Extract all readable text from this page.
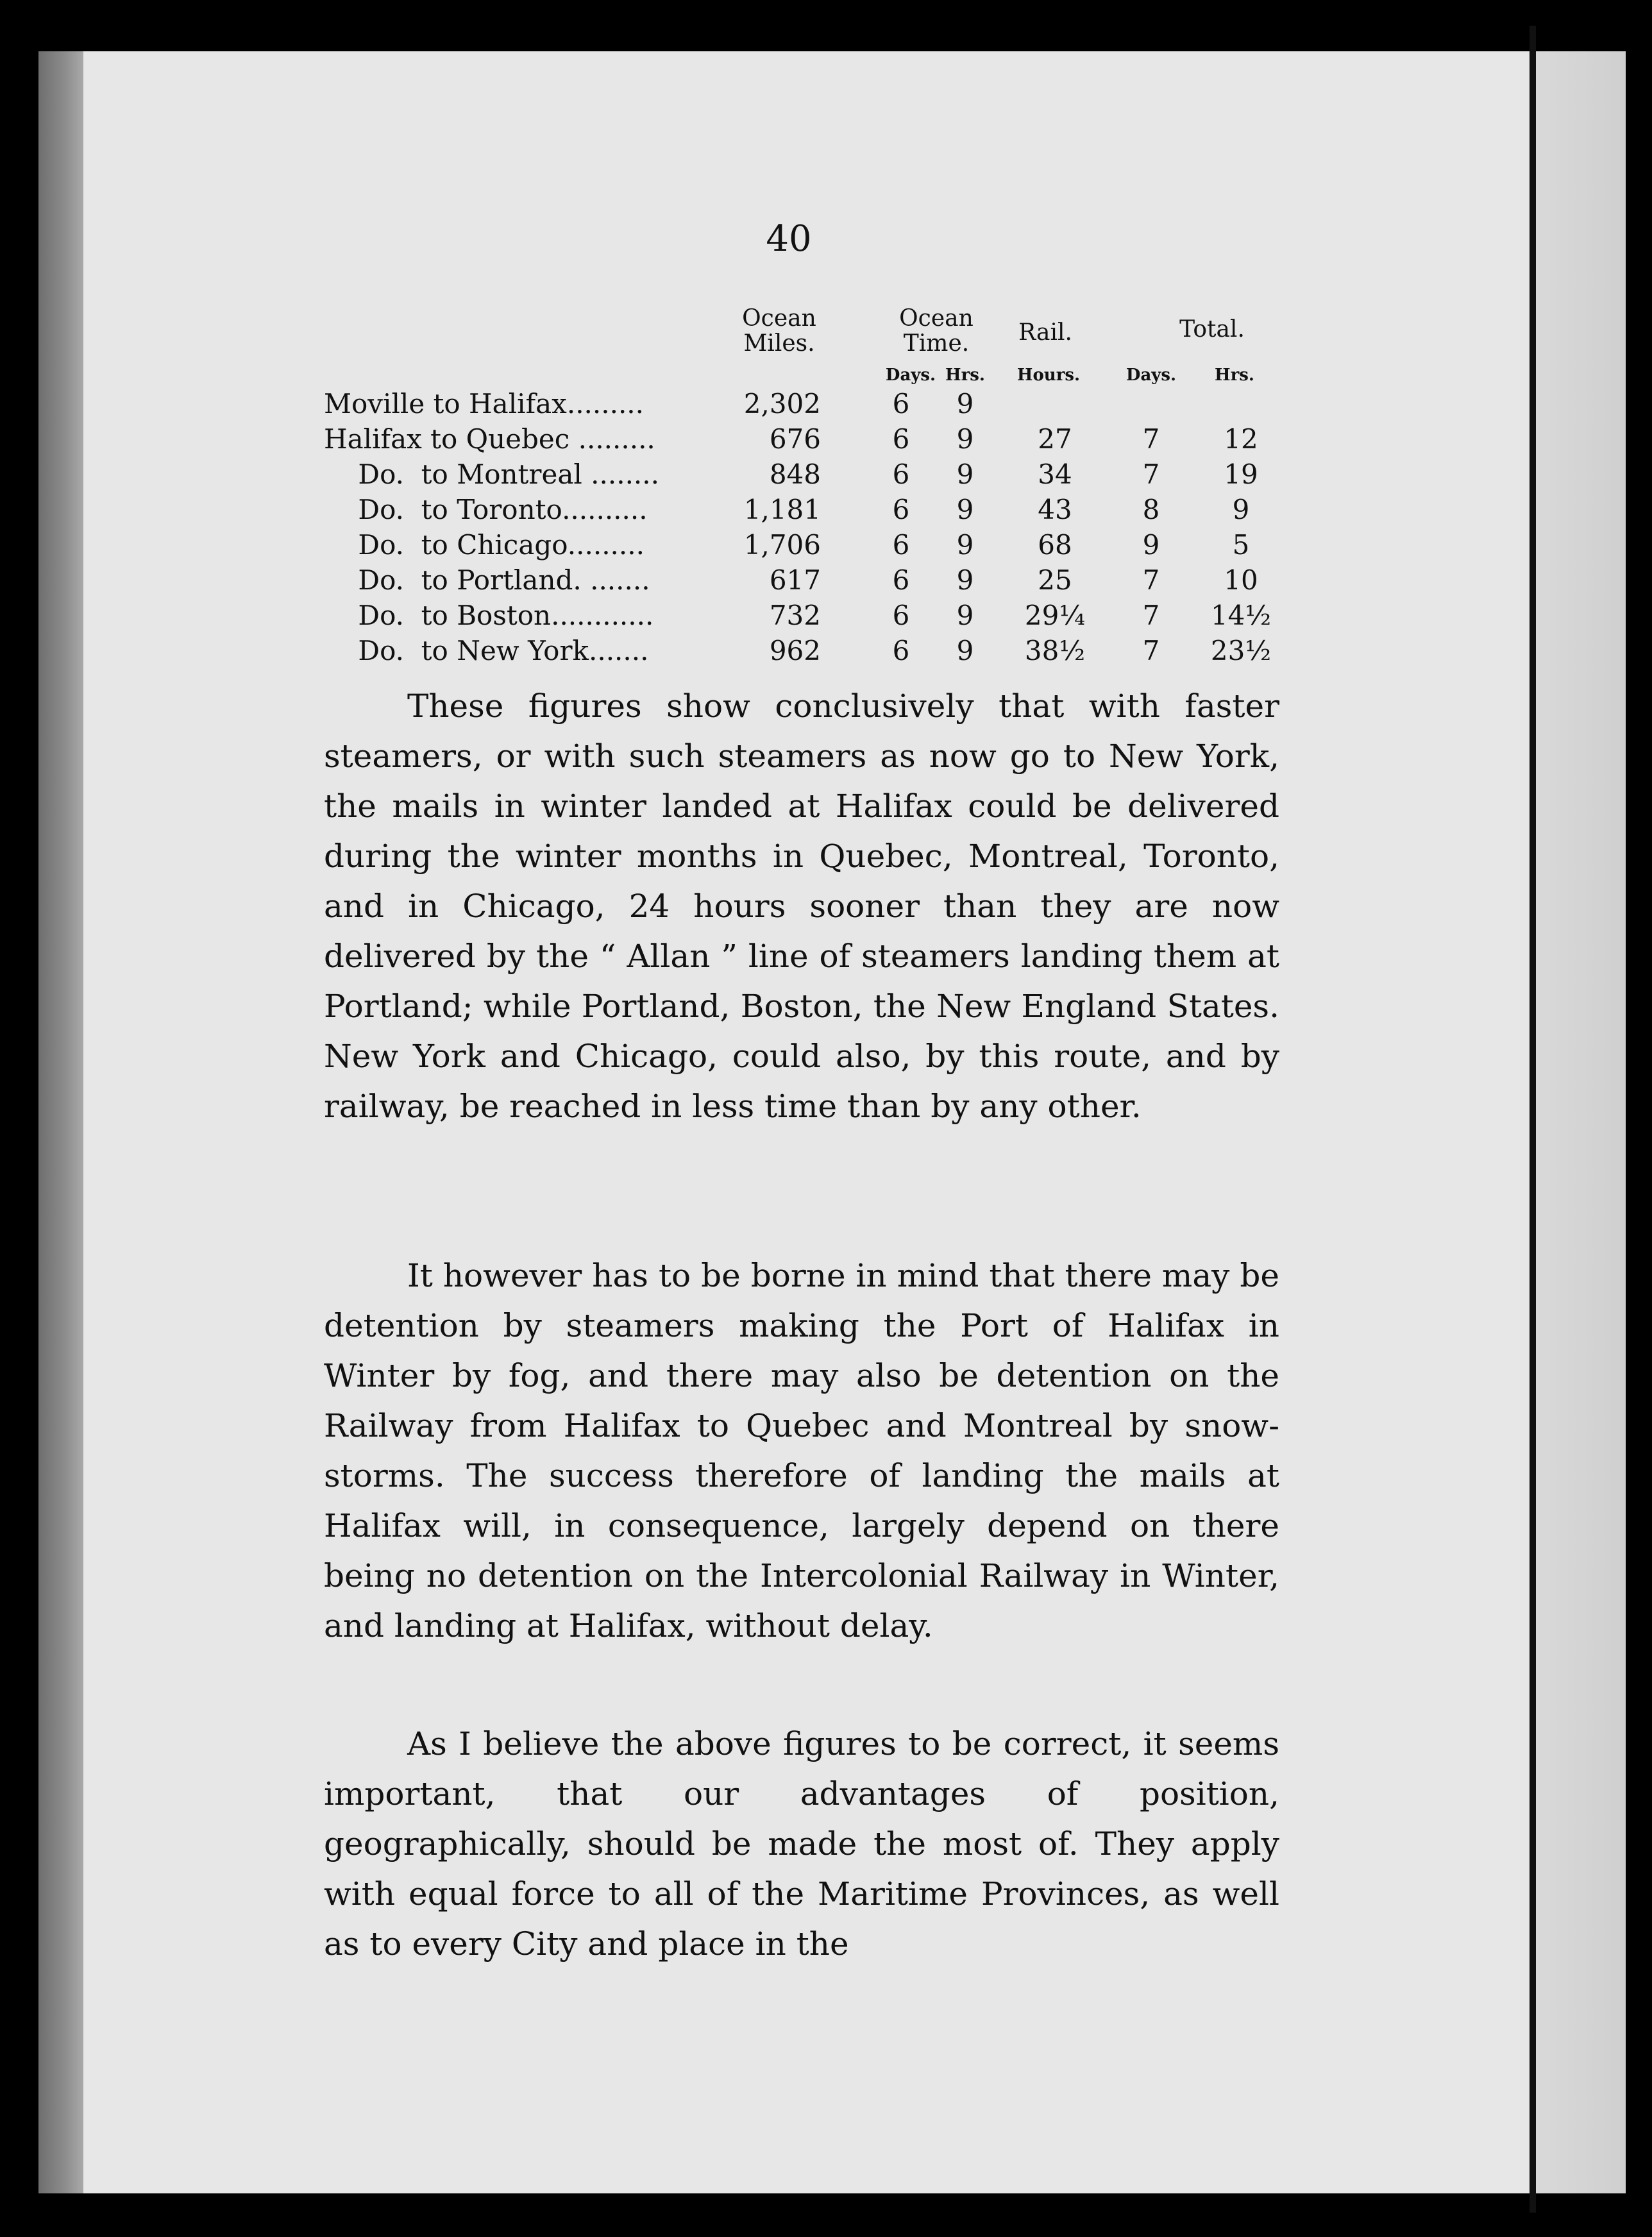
40
Ocean
Miles.
Ocean
Time.	Rail.	Total.
Days. Hrs.	Hours.	Days.	Hrs.
Moville to Halifax.........	2,302	6	9
Halifax to Quebec .........	676	6	9	27	7	12
Do.  to Montreal ........	848	6	9	34	7	19
Do.  to Toronto..........	1,181	6	9	43	8	9
Do.  to Chicago.........	1,706	6	9	68	9	5
Do.  to Portland. .......	617	6	9	25	7	10
Do.  to Boston............	732	6	9	29¼	7	14½
Do.  to New York.......	962	6	9	38½	7	23½

These figures show conclusively that with faster steamers, or with such steamers as now go to New York, the mails in winter landed at Halifax could be delivered during the winter months in Quebec, Montreal, Toronto, and in Chicago, 24 hours sooner than they are now delivered by the “ Allan ” line of steamers landing them at Portland; while Portland, Boston, the New England States. New York and Chicago, could also, by this route, and by railway, be reached in less time than by any other.

It however has to be borne in mind that there may be detention by steamers making the Port of Halifax in Winter by fog, and there may also be detention on the Railway from Halifax to Quebec and Montreal by snow-storms. The success therefore of landing the mails at Halifax will, in consequence, largely depend on there being no detention on the Intercolonial Railway in Winter, and landing at Halifax, without delay.

As I believe the above figures to be correct, it seems important, that our advantages of position, geographically, should be made the most of. They apply with equal force to all of the Maritime Provinces, as well as to every City and place in the
